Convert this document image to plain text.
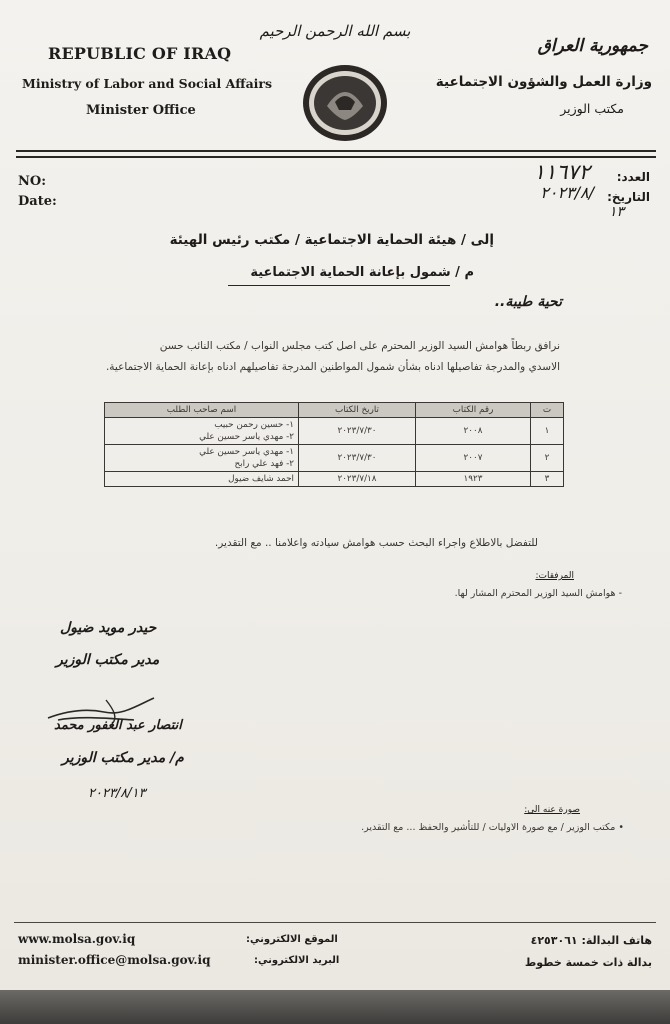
REPUBLIC OF IRAQ
Ministry of Labor and Social Affairs
Minister Office
بسم الله الرحمن الرحيم
جمهورية العراق
وزارة العمل والشؤون الاجتماعية
مكتب الوزير
NO:
Date:
العدد:
التاريخ:
١١٦٧٢
٢٠٢٣/٨/
١٣
إلى / هيئة الحماية الاجتماعية / مكتب رئيس الهيئة
م / شمول بإعانة الحماية الاجتماعية
تحية طيبة..
نرافق ربطاً هوامش السيد الوزير المحترم على اصل كتب مجلس النواب / مكتب النائب حسن
الاسدي والمدرجة تفاصيلها ادناه بشأن شمول المواطنين المدرجة تفاصيلهم ادناه بإعانة الحماية الاجتماعية.
ت	رقم الكتاب	تاريخ الكتاب	اسم صاحب الطلب
١	٢٠٠٨	٢٠٢٣/٧/٣٠	١- حسين رحمن حبيب
٢- مهدي ياسر حسين علي

٢	٢٠٠٧	٢٠٢٣/٧/٣٠	١- مهدي ياسر حسين علي
٢- فهد علي رابح

٣	١٩٢٣	٢٠٢٣/٧/١٨	احمد شايف ضيول
للتفضل بالاطلاع واجراء البحث حسب هوامش سيادته واعلامنا .. مع التقدير.
المرفقات:
- هوامش السيد الوزير المحترم المشار لها.
حيدر مويد ضيول
مدير مكتب الوزير
انتصار عبد الغفور محمد
م/ مدير مكتب الوزير
٢٠٢٣/٨/١٣
صورة عنه الى:
• مكتب الوزير / مع صورة الاوليات / للتأشير والحفظ ... مع التقدير.
www.molsa.gov.iq
minister.office@molsa.gov.iq
الموقع الالكتروني:
البريد الالكتروني:
هاتف البدالة: ٤٢٥٣٠٦١
بدالة ذات خمسة خطوط
